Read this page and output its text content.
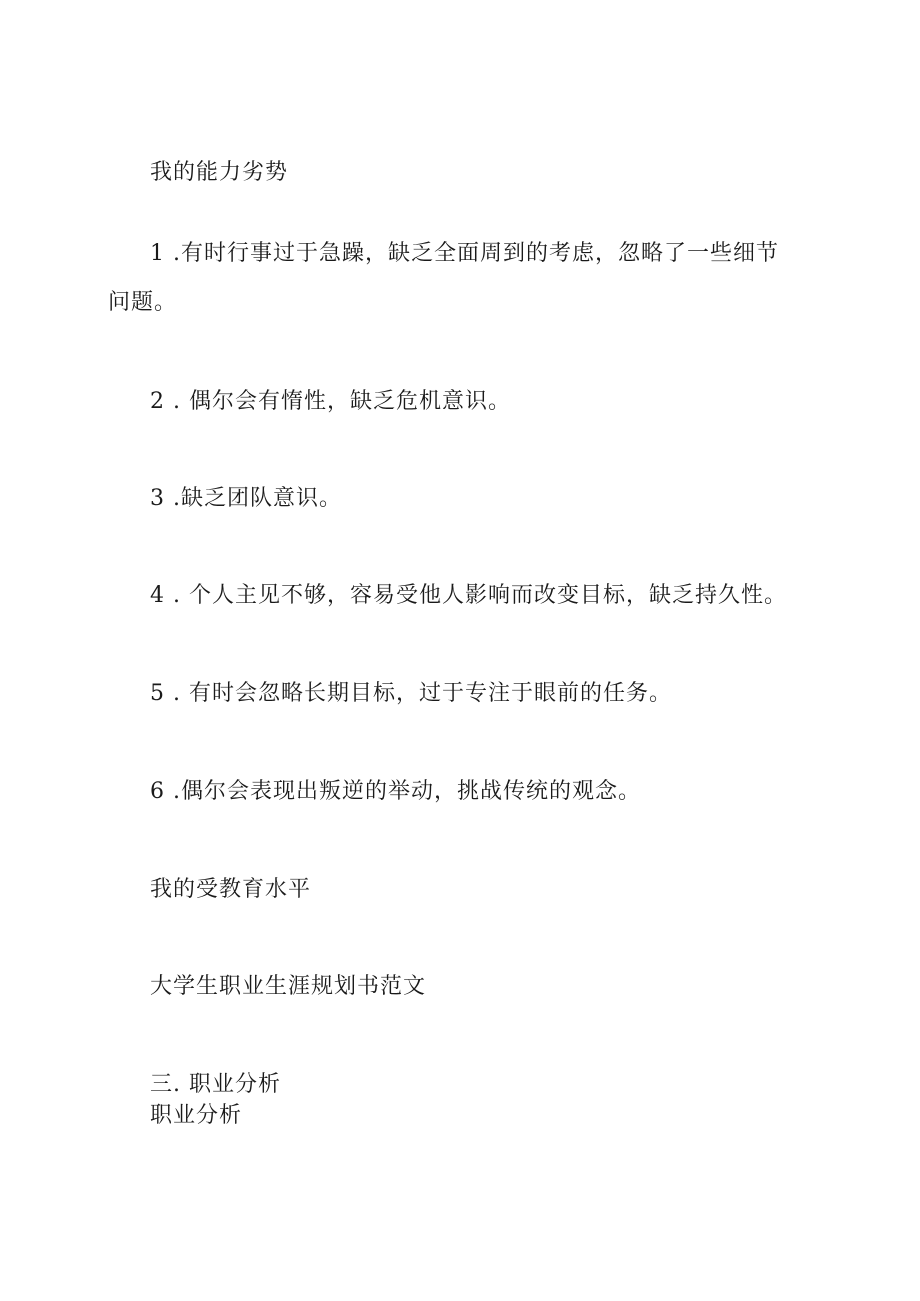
我的能力劣势
1 .有时行事过于急躁，缺乏全面周到的考虑，忽略了一些细节
问题。
2 . 偶尔会有惰性，缺乏危机意识。
3 .缺乏团队意识。
4 . 个人主见不够，容易受他人影响而改变目标，缺乏持久性。
5 . 有时会忽略长期目标，过于专注于眼前的任务。
6 .偶尔会表现出叛逆的举动，挑战传统的观念。
我的受教育水平
大学生职业生涯规划书范文
三. 职业分析
职业分析
